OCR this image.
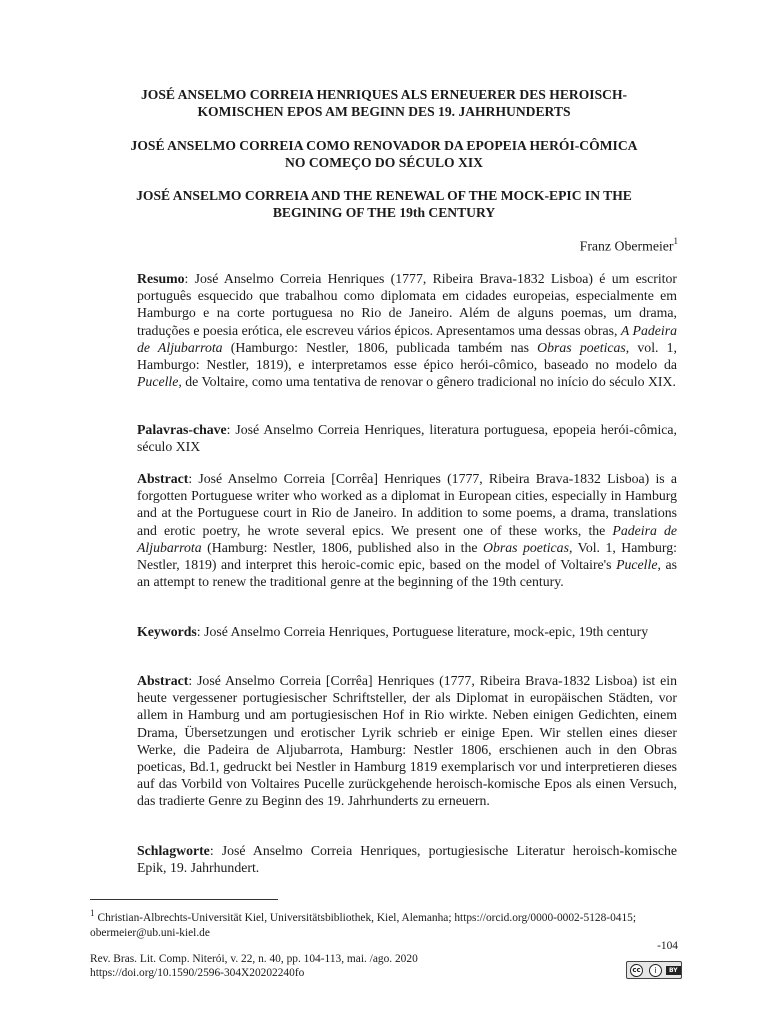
JOSÉ ANSELMO CORREIA HENRIQUES ALS ERNEUERER DES HEROISCH-
KOMISCHEN EPOS AM BEGINN DES 19. JAHRHUNDERTS
JOSÉ ANSELMO CORREIA COMO RENOVADOR DA EPOPEIA HERÓI-CÔMICA
NO COMEÇO DO SÉCULO XIX
JOSÉ ANSELMO CORREIA AND THE RENEWAL OF THE MOCK-EPIC IN THE
BEGINING OF THE 19th CENTURY
Franz Obermeier$^1$

Resumo: José Anselmo Correia Henriques (1777, Ribeira Brava-1832 Lisboa) é um escritor português esquecido que trabalhou como diplomata em cidades europeias, especialmente em Hamburgo e na corte portuguesa no Rio de Janeiro. Além de alguns poemas, um drama, traduções e poesia erótica, ele escreveu vários épicos. Apresentamos uma dessas obras, A Padeira de Aljubarrota (Hamburgo: Nestler, 1806, publicada também nas Obras poeticas, vol. 1, Hamburgo: Nestler, 1819), e interpretamos esse épico herói-cômico, baseado no modelo da Pucelle, de Voltaire, como uma tentativa de renovar o gênero tradicional no início do século XIX.

Palavras-chave: José Anselmo Correia Henriques, literatura portuguesa, epopeia herói-cômica, século XIX

Abstract: José Anselmo Correia [Corrêa] Henriques (1777, Ribeira Brava-1832 Lisboa) is a forgotten Portuguese writer who worked as a diplomat in European cities, especially in Hamburg and at the Portuguese court in Rio de Janeiro. In addition to some poems, a drama, translations and erotic poetry, he wrote several epics. We present one of these works, the Padeira de Aljubarrota (Hamburg: Nestler, 1806, published also in the Obras poeticas, Vol. 1, Hamburg: Nestler, 1819) and interpret this heroic-comic epic, based on the model of Voltaire's Pucelle, as an attempt to renew the traditional genre at the beginning of the 19th century.

Keywords: José Anselmo Correia Henriques, Portuguese literature, mock-epic, 19th century

Abstract: José Anselmo Correia [Corrêa] Henriques (1777, Ribeira Brava-1832 Lisboa) ist ein heute vergessener portugiesischer Schriftsteller, der als Diplomat in europäischen Städten, vor allem in Hamburg und am portugiesischen Hof in Rio wirkte. Neben einigen Gedichten, einem Drama, Übersetzungen und erotischer Lyrik schrieb er einige Epen. Wir stellen eines dieser Werke, die Padeira de Aljubarrota, Hamburg: Nestler 1806, erschienen auch in den Obras poeticas, Bd.1, gedruckt bei Nestler in Hamburg 1819 exemplarisch vor und interpretieren dieses auf das Vorbild von Voltaires Pucelle zurückgehende heroisch-komische Epos als einen Versuch, das tradierte Genre zu Beginn des 19. Jahrhunderts zu erneuern.

Schlagworte: José Anselmo Correia Henriques, portugiesische Literatur heroisch-komische Epik, 19. Jahrhundert.

$^1$ Christian-Albrechts-Universität Kiel, Universitätsbibliothek, Kiel, Alemanha; https://orcid.org/0000-0002-5128-0415; obermeier@ub.uni-kiel.de

-104

Rev. Bras. Lit. Comp. Niterói, v. 22, n. 40, pp. 104-113, mai. /ago. 2020
https://doi.org/10.1590/2596-304X20202240fo	cc	i	BY
